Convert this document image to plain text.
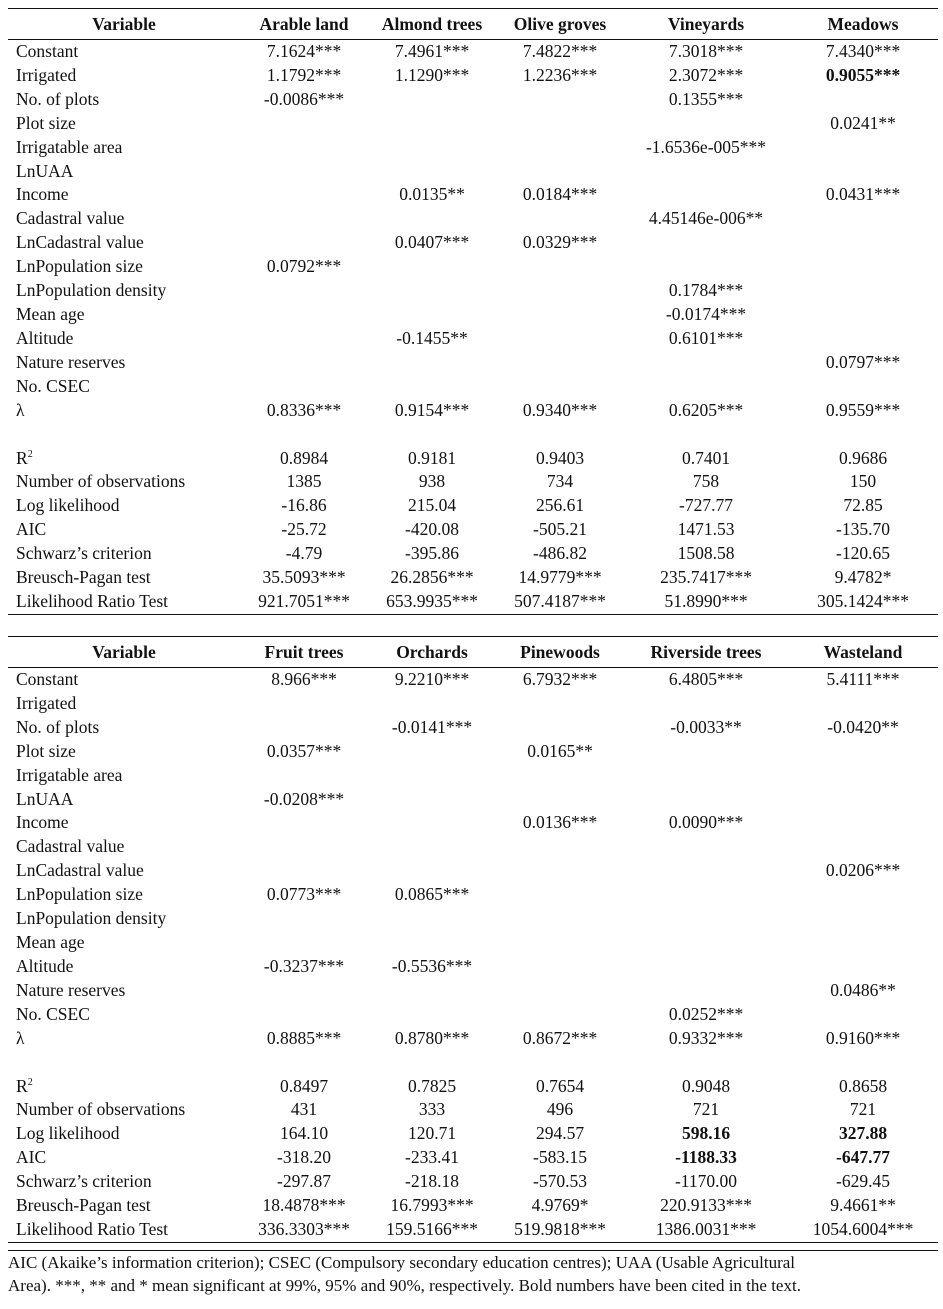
Variable	Arable land	Almond trees	Olive groves	Vineyards	Meadows
Constant	7.1624***	7.4961***	7.4822***	7.3018***	7.4340***
Irrigated	1.1792***	1.1290***	1.2236***	2.3072***	0.9055***
No. of plots	-0.0086***			0.1355***	
Plot size					0.0241**
Irrigatable area				-1.6536e-005***	
LnUAA					
Income		0.0135**	0.0184***		0.0431***
Cadastral value				4.45146e-006**	
LnCadastral value		0.0407***	0.0329***		
LnPopulation size	0.0792***				
LnPopulation density				0.1784***	
Mean age				-0.0174***	
Altitude		-0.1455**		0.6101***	
Nature reserves					0.0797***
No. CSEC					
λ	0.8336***	0.9154***	0.9340***	0.6205***	0.9559***

$R^2$	0.8984	0.9181	0.9403	0.7401	0.9686
Number of observations	1385	938	734	758	150
Log likelihood	-16.86	215.04	256.61	-727.77	72.85
AIC	-25.72	-420.08	-505.21	1471.53	-135.70
Schwarz’s criterion	-4.79	-395.86	-486.82	1508.58	-120.65
Breusch-Pagan test	35.5093***	26.2856***	14.9779***	235.7417***	9.4782*
Likelihood Ratio Test	921.7051***	653.9935***	507.4187***	51.8990***	305.1424***
Variable	Fruit trees	Orchards	Pinewoods	Riverside trees	Wasteland
Constant	8.966***	9.2210***	6.7932***	6.4805***	5.4111***
Irrigated					
No. of plots		-0.0141***		-0.0033**	-0.0420**
Plot size	0.0357***		0.0165**		
Irrigatable area					
LnUAA	-0.0208***				
Income			0.0136***	0.0090***	
Cadastral value					
LnCadastral value					0.0206***
LnPopulation size	0.0773***	0.0865***			
LnPopulation density					
Mean age					
Altitude	-0.3237***	-0.5536***			
Nature reserves					0.0486**
No. CSEC				0.0252***	
λ	0.8885***	0.8780***	0.8672***	0.9332***	0.9160***

$R^2$	0.8497	0.7825	0.7654	0.9048	0.8658
Number of observations	431	333	496	721	721
Log likelihood	164.10	120.71	294.57	598.16	327.88
AIC	-318.20	-233.41	-583.15	-1188.33	-647.77
Schwarz’s criterion	-297.87	-218.18	-570.53	-1170.00	-629.45
Breusch-Pagan test	18.4878***	16.7993***	4.9769*	220.9133***	9.4661**
Likelihood Ratio Test	336.3303***	159.5166***	519.9818***	1386.0031***	1054.6004***
AIC (Akaike’s information criterion); CSEC (Compulsory secondary education centres); UAA (Usable Agricultural
Area). ***, ** and * mean significant at 99%, 95% and 90%, respectively. Bold numbers have been cited in the text.
